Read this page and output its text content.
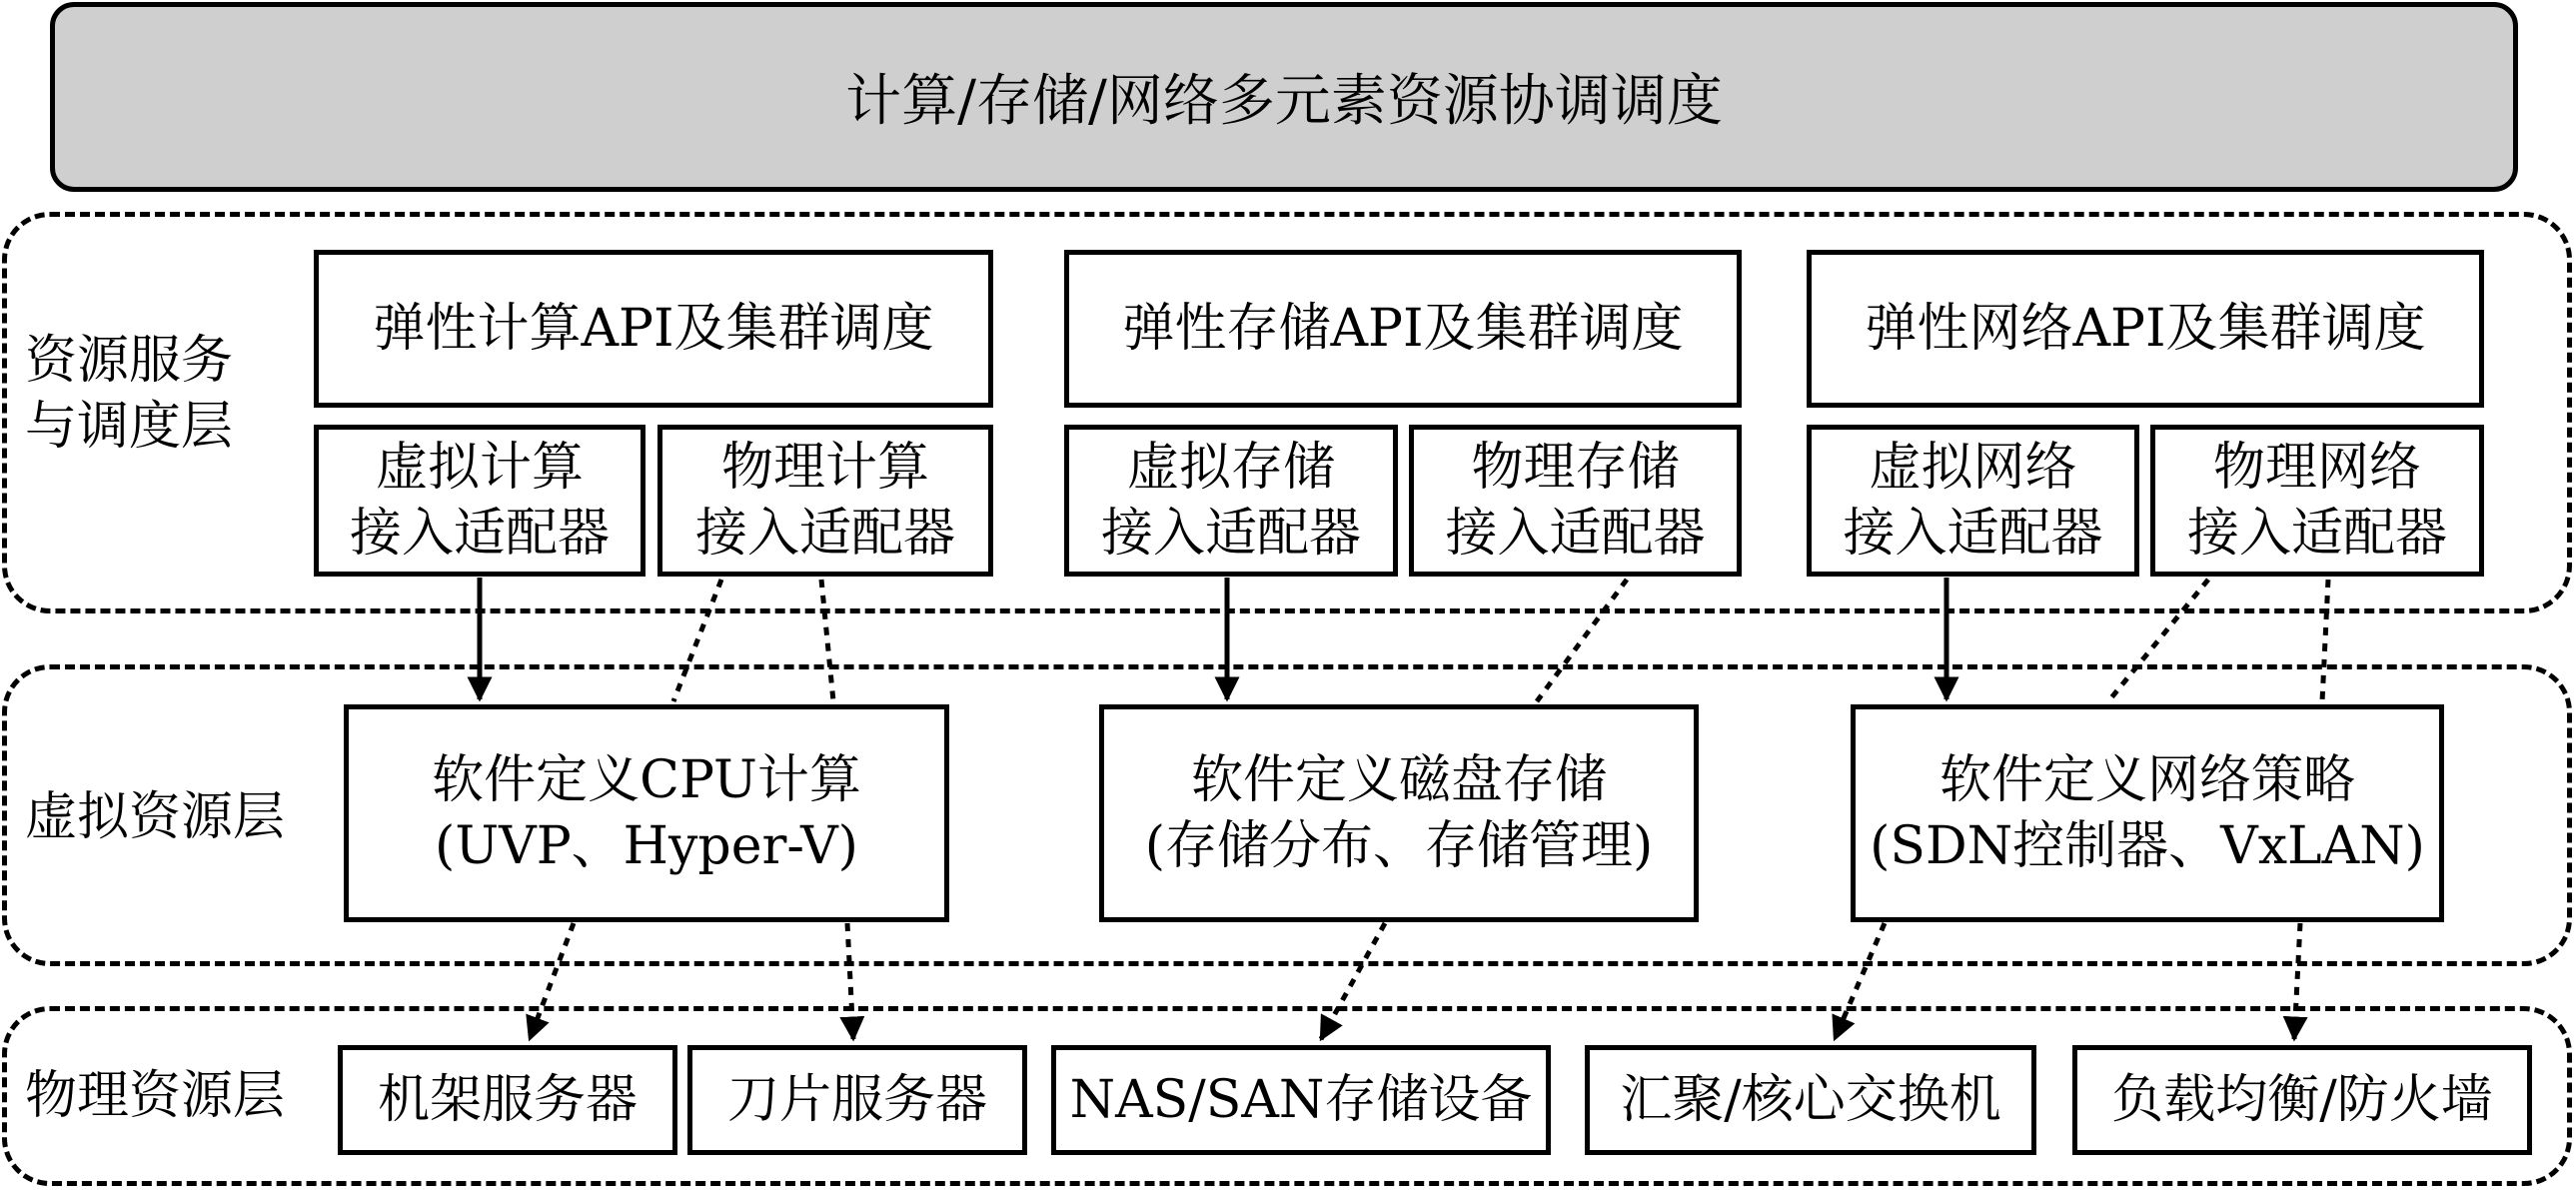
计算/存储/网络多元素资源协调调度
资源服务
与调度层
虚拟资源层
物理资源层
弹性计算API及集群调度	弹性存储API及集群调度	弹性网络API及集群调度
虚拟计算
接入适配器
物理计算
接入适配器
虚拟存储
接入适配器
物理存储
接入适配器
虚拟网络
接入适配器
物理网络
接入适配器
软件定义CPU计算
(UVP、Hyper-V)
软件定义磁盘存储
(存储分布、存储管理)
软件定义网络策略
(SDN控制器、VxLAN)
机架服务器 刀片服务器 NAS/SAN存储设备 汇聚/核心交换机 负载均衡/防火墙
